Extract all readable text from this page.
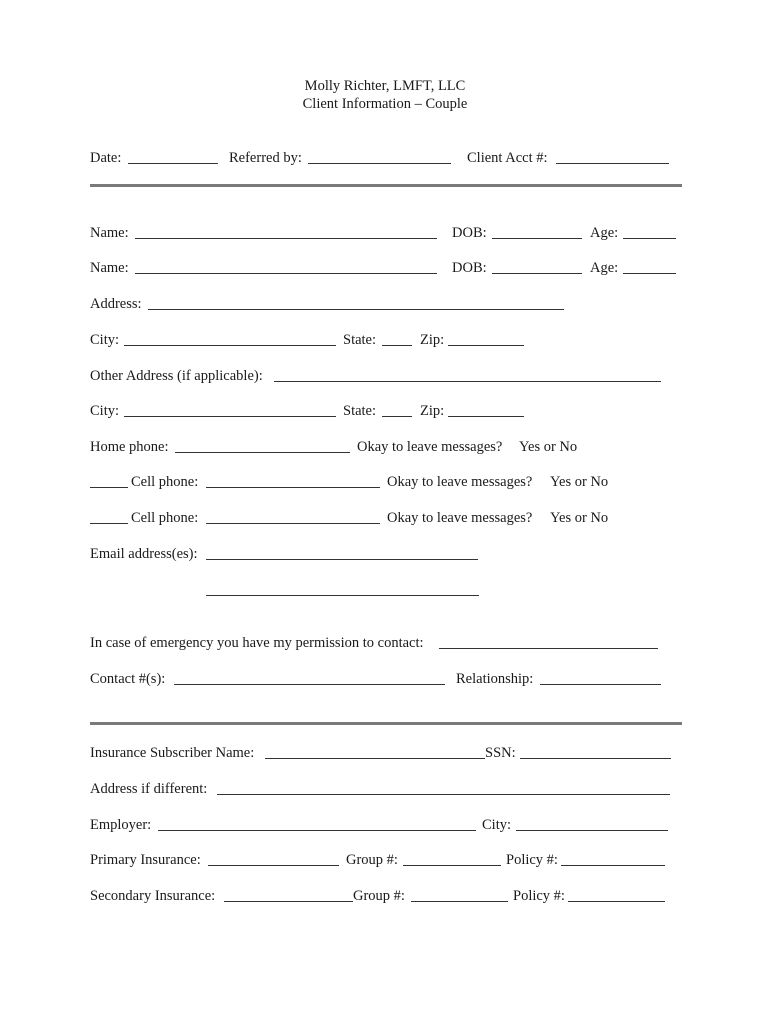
Molly Richter, LMFT, LLC
Client Information – Couple
Date:	Referred by:	Client Acct #:
Name:	DOB:	Age:
Name:	DOB:	Age:
Address:
City:	State:	Zip:
Other Address (if applicable):
City:	State:	Zip:
Home phone:	Okay to leave messages? Yes or No
Cell phone:	Okay to leave messages? Yes or No
Cell phone:	Okay to leave messages? Yes or No
Email address(es):
In case of emergency you have my permission to contact:
Contact #(s):	Relationship:
Insurance Subscriber Name:	SSN:
Address if different:
Employer:	City:
Primary Insurance:	Group #:	Policy #:
Secondary Insurance:	Group #:	Policy #:
